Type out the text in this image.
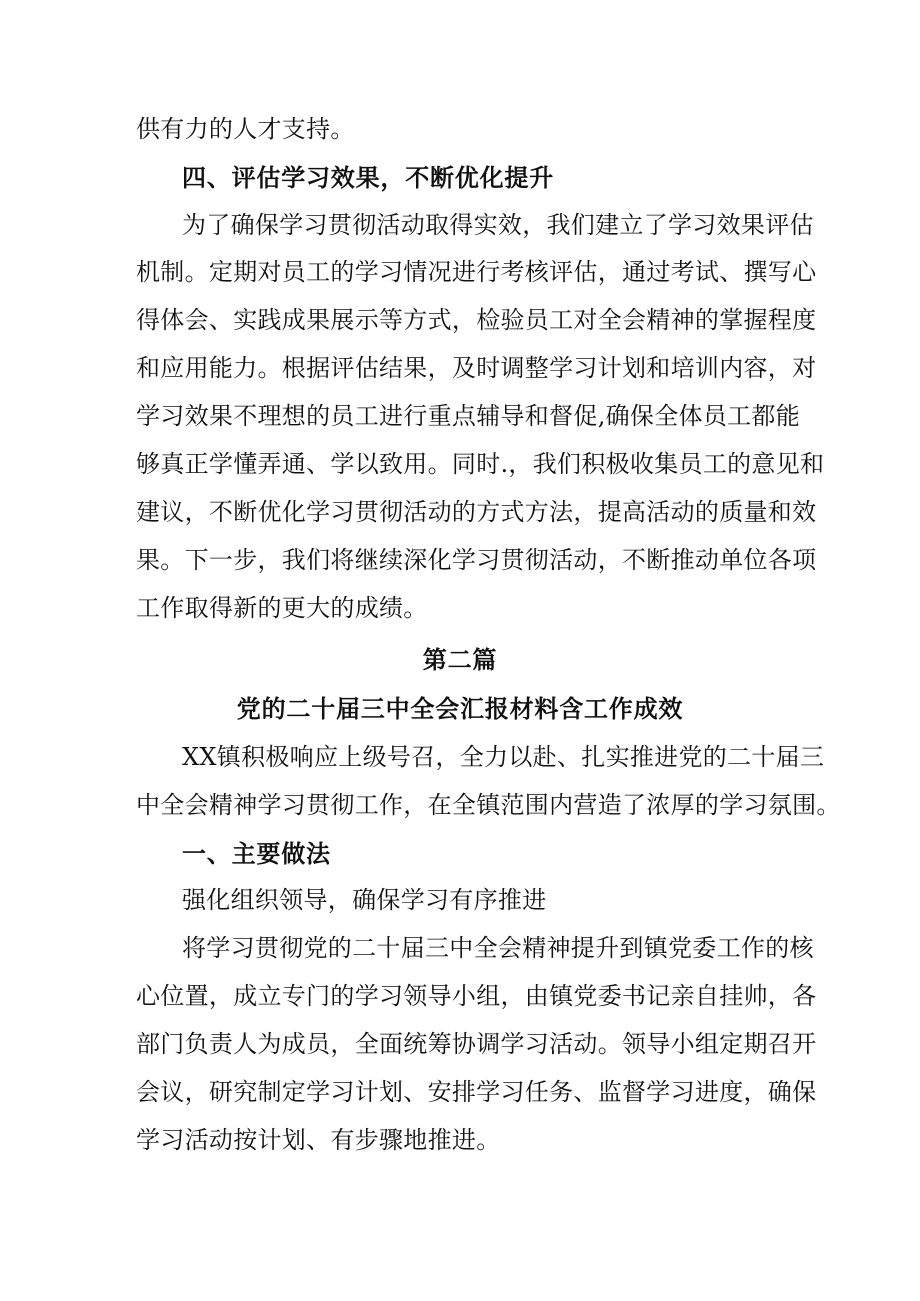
供有力的人才支持。
四、评估学习效果，不断优化提升
为了确保学习贯彻活动取得实效，我们建立了学习效果评估
机制。定期对员工的学习情况进行考核评估，通过考试、撰写心
得体会、实践成果展示等方式，检验员工对全会精神的掌握程度
和应用能力。根据评估结果，及时调整学习计划和培训内容，对
学习效果不理想的员工进行重点辅导和督促,确保全体员工都能
够真正学懂弄通、学以致用。同时.，我们积极收集员工的意见和
建议，不断优化学习贯彻活动的方式方法，提高活动的质量和效
果。下一步，我们将继续深化学习贯彻活动，不断推动单位各项
工作取得新的更大的成绩。
第二篇
党的二十届三中全会汇报材料含工作成效
XX镇积极响应上级号召，全力以赴、扎实推进党的二十届三
中全会精神学习贯彻工作，在全镇范围内营造了浓厚的学习氛围。
一、主要做法
强化组织领导，确保学习有序推进
将学习贯彻党的二十届三中全会精神提升到镇党委工作的核
心位置，成立专门的学习领导小组，由镇党委书记亲自挂帅，各
部门负责人为成员，全面统筹协调学习活动。领导小组定期召开
会议，研究制定学习计划、安排学习任务、监督学习进度，确保
学习活动按计划、有步骤地推进。
